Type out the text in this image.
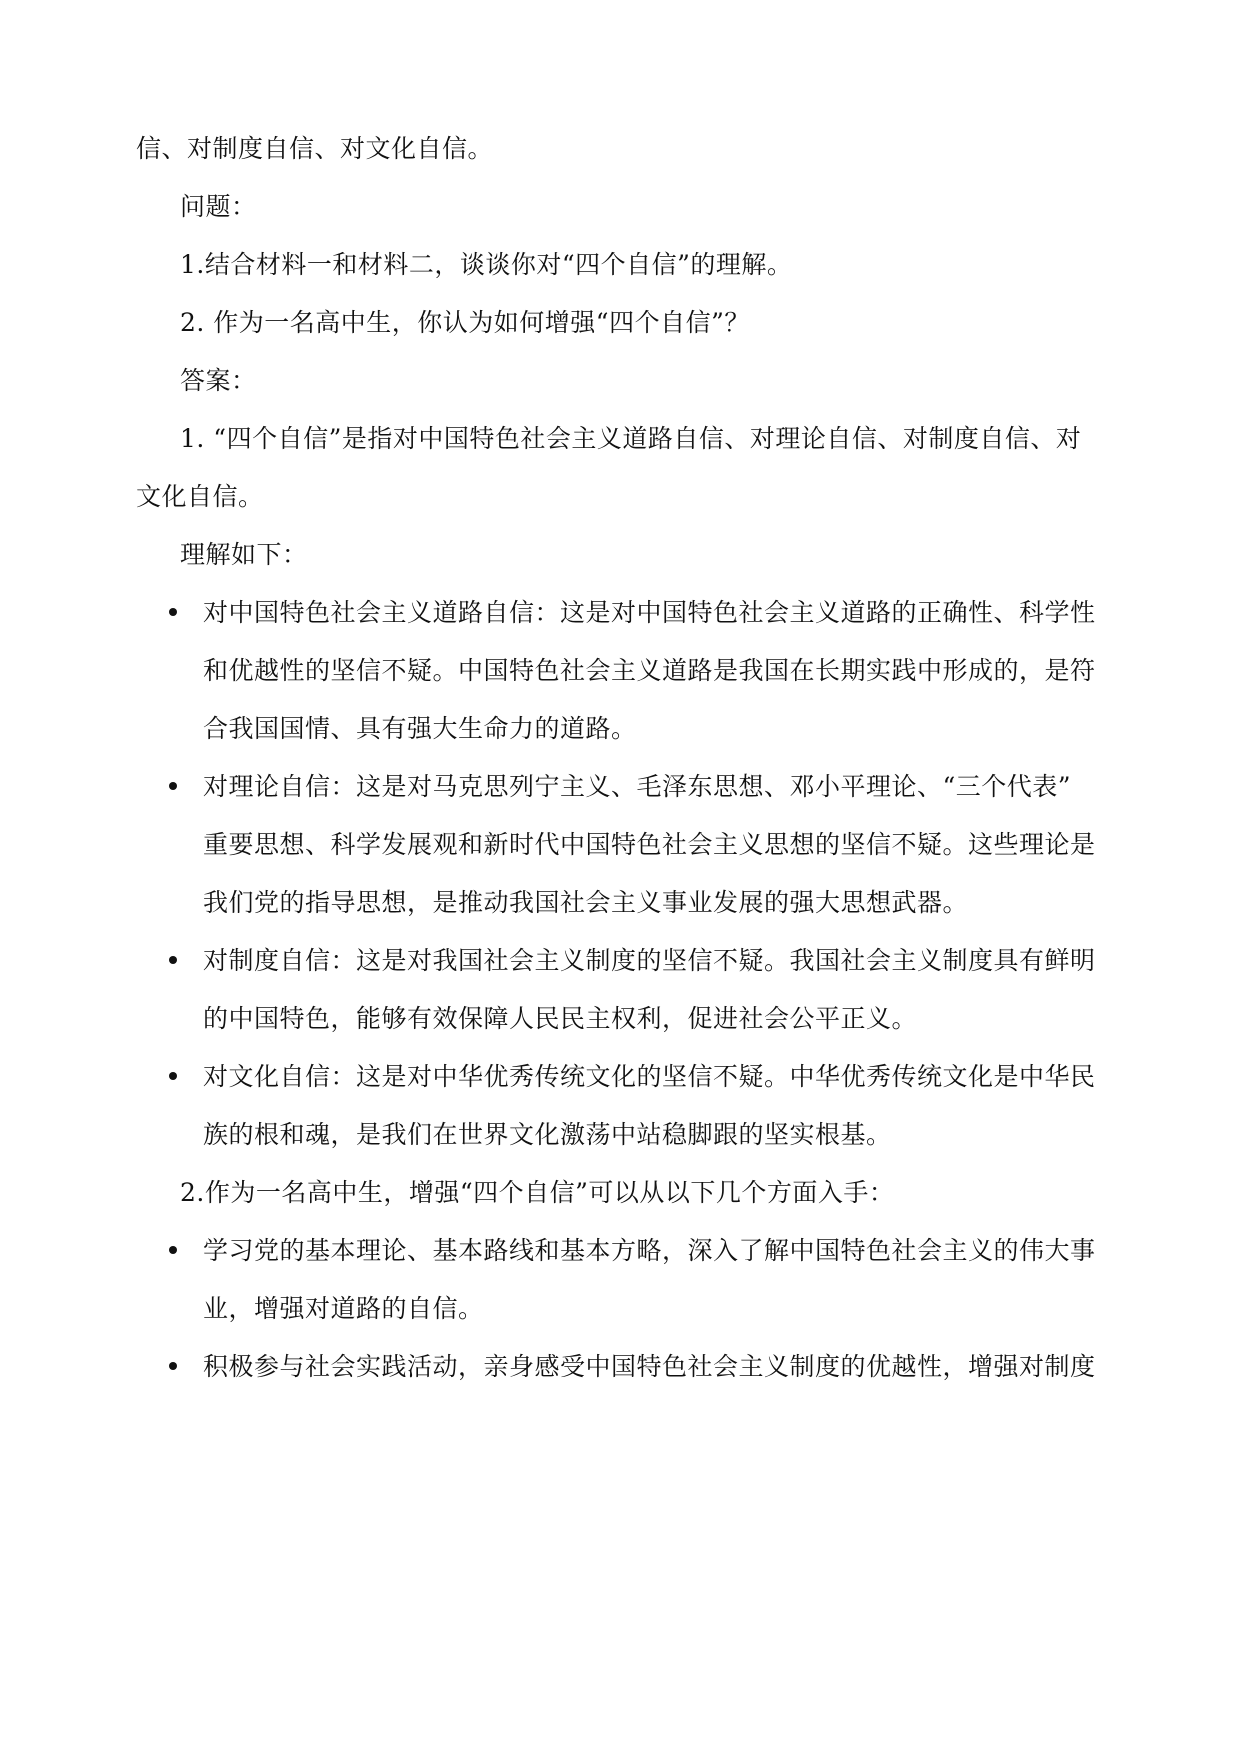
信、对制度自信、对文化自信。
问题：
1.结合材料一和材料二，谈谈你对“四个自信”的理解。
2. 作为一名高中生，你认为如何增强“四个自信”？
答案：
1. “四个自信”是指对中国特色社会主义道路自信、对理论自信、对制度自信、对
文化自信。
理解如下：
对中国特色社会主义道路自信：这是对中国特色社会主义道路的正确性、科学性
和优越性的坚信不疑。中国特色社会主义道路是我国在长期实践中形成的，是符
合我国国情、具有强大生命力的道路。
对理论自信：这是对马克思列宁主义、毛泽东思想、邓小平理论、“三个代表”
重要思想、科学发展观和新时代中国特色社会主义思想的坚信不疑。这些理论是
我们党的指导思想，是推动我国社会主义事业发展的强大思想武器。
对制度自信：这是对我国社会主义制度的坚信不疑。我国社会主义制度具有鲜明
的中国特色，能够有效保障人民民主权利，促进社会公平正义。
对文化自信：这是对中华优秀传统文化的坚信不疑。中华优秀传统文化是中华民
族的根和魂，是我们在世界文化激荡中站稳脚跟的坚实根基。
2.作为一名高中生，增强“四个自信”可以从以下几个方面入手：
学习党的基本理论、基本路线和基本方略，深入了解中国特色社会主义的伟大事
业，增强对道路的自信。
积极参与社会实践活动，亲身感受中国特色社会主义制度的优越性，增强对制度
